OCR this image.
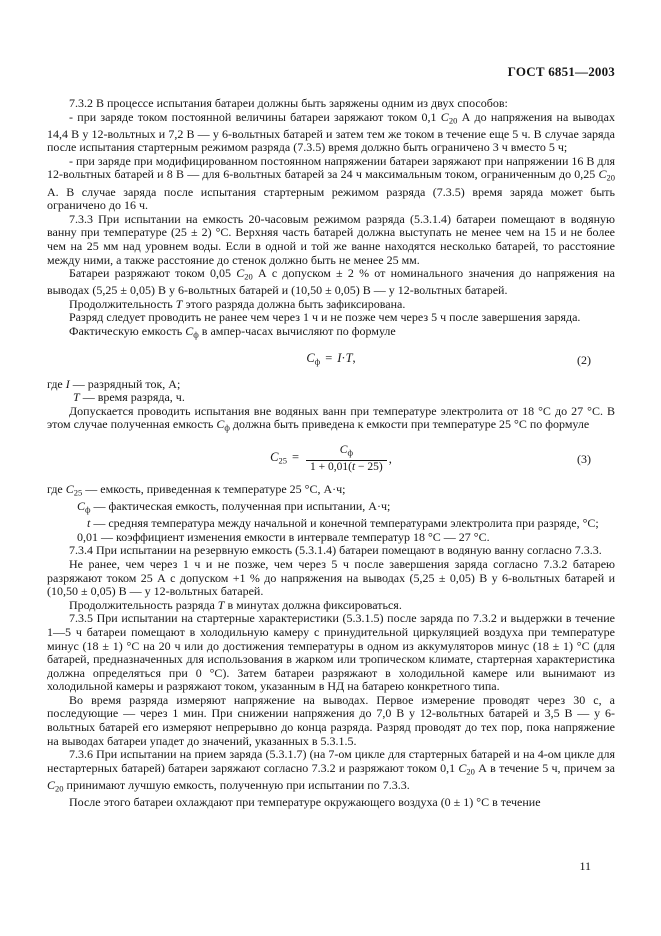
ГОСТ 6851—2003

7.3.2 В процессе испытания батареи должны быть заряжены одним из двух способов:

- при заряде током постоянной величины батареи заряжают током 0,1 $С_{20}$ А до напряжения на выводах 14,4 В у 12-вольтных и 7,2 В — у 6-вольтных батарей и затем тем же током в течение еще 5 ч. В случае заряда после испытания стартерным режимом разряда (7.3.5) время должно быть ограничено 3 ч вместо 5 ч;

- при заряде при модифицированном постоянном напряжении батареи заряжают при напряжении 16 В для 12-вольтных батарей и 8 В — для 6-вольтных батарей за 24 ч максимальным током, ограниченным до 0,25 $С_{20}$ А. В случае заряда после испытания стартерным режимом разряда (7.3.5) время заряда может быть ограничено до 16 ч.

7.3.3 При испытании на емкость 20-часовым режимом разряда (5.3.1.4) батареи помещают в водяную ванну при температуре (25 ± 2) °С. Верхняя часть батарей должна выступать не менее чем на 15 и не более чем на 25 мм над уровнем воды. Если в одной и той же ванне находятся несколько батарей, то расстояние между ними, а также расстояние до стенок должно быть не менее 25 мм.

Батареи разряжают током 0,05 $С_{20}$ А с допуском ± 2 % от номинального значения до напряжения на выводах (5,25 ± 0,05) В у 6-вольтных батарей и (10,50 ± 0,05) В — у 12-вольтных батарей.

Продолжительность Т этого разряда должна быть зафиксирована.

Разряд следует проводить не ранее чем через 1 ч и не позже чем через 5 ч после завершения заряда.

Фактическую емкость $С_ф$ в ампер-часах вычисляют по формуле

$С_ф = I\cdot Т$,	(2)

где I — разрядный ток, А;

Т — время разряда, ч.

Допускается проводить испытания вне водяных ванн при температуре электролита от 18 °С до 27 °С. В этом случае полученная емкость $С_ф$ должна быть приведена к емкости при температуре 25 °С по формуле

$С_{25} = \frac{С_ф}{1 + 0,01(t - 25)}$ ,	(3)

где $С_{25}$ — емкость, приведенная к температуре 25 °С, А·ч;

$С_ф$ — фактическая емкость, полученная при испытании, А·ч;

t — средняя температура между начальной и конечной температурами электролита при разряде, °С;

0,01 — коэффициент изменения емкости в интервале температур 18 °С — 27 °С.

7.3.4 При испытании на резервную емкость (5.3.1.4) батареи помещают в водяную ванну согласно 7.3.3.

Не ранее, чем через 1 ч и не позже, чем через 5 ч после завершения заряда согласно 7.3.2 батарею разряжают током 25 А с допуском +1 % до напряжения на выводах (5,25 ± 0,05) В у 6-вольтных батарей и (10,50 ± 0,05) В — у 12-вольтных батарей.

Продолжительность разряда Т в минутах должна фиксироваться.

7.3.5 При испытании на стартерные характеристики (5.3.1.5) после заряда по 7.3.2 и выдержки в течение 1—5 ч батареи помещают в холодильную камеру с принудительной циркуляцией воздуха при температуре минус (18 ± 1) °С на 20 ч или до достижения температуры в одном из аккумуляторов минус (18 ± 1) °С (для батарей, предназначенных для использования в жарком или тропическом климате, стартерная характеристика должна определяться при 0 °С). Затем батареи разряжают в холодильной камере или вынимают из холодильной камеры и разряжают током, указанным в НД на батарею конкретного типа.

Во время разряда измеряют напряжение на выводах. Первое измерение проводят через 30 с, а последующие — через 1 мин. При снижении напряжения до 7,0 В у 12-вольтных батарей и 3,5 В — у 6-вольтных батарей его измеряют непрерывно до конца разряда. Разряд проводят до тех пор, пока напряжение на выводах батареи упадет до значений, указанных в 5.3.1.5.

7.3.6 При испытании на прием заряда (5.3.1.7) (на 7-ом цикле для стартерных батарей и на 4-ом цикле для нестартерных батарей) батареи заряжают согласно 7.3.2 и разряжают током 0,1 $С_{20}$ А в течение 5 ч, причем за $С_{20}$ принимают лучшую емкость, полученную при испытании по 7.3.3.

После этого батареи охлаждают при температуре окружающего воздуха (0 ± 1) °С в течение

11
